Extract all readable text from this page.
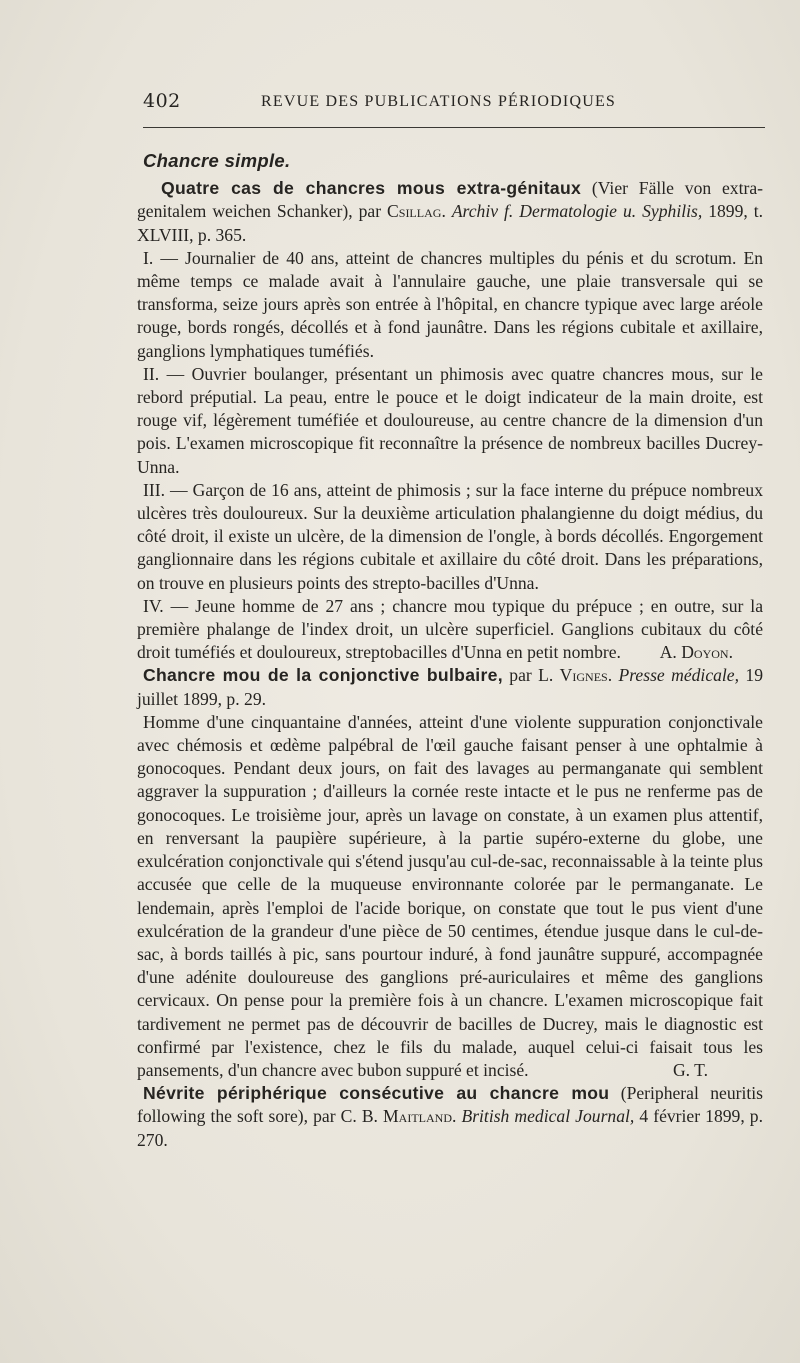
402	REVUE DES PUBLICATIONS PÉRIODIQUES

Chancre simple.

Quatre cas de chancres mous extra-génitaux (Vier Fälle von extra-genitalem weichen Schanker), par Csillag. Archiv f. Dermatologie u. Syphilis, 1899, t. XLVIII, p. 365.

I. — Journalier de 40 ans, atteint de chancres multiples du pénis et du scrotum. En même temps ce malade avait à l'annulaire gauche, une plaie transversale qui se transforma, seize jours après son entrée à l'hôpital, en chancre typique avec large aréole rouge, bords rongés, décollés et à fond jaunâtre. Dans les régions cubitale et axillaire, ganglions lymphatiques tuméfiés.

II. — Ouvrier boulanger, présentant un phimosis avec quatre chancres mous, sur le rebord préputial. La peau, entre le pouce et le doigt indicateur de la main droite, est rouge vif, légèrement tuméfiée et douloureuse, au centre chancre de la dimension d'un pois. L'examen microscopique fit reconnaître la présence de nombreux bacilles Ducrey-Unna.

III. — Garçon de 16 ans, atteint de phimosis ; sur la face interne du prépuce nombreux ulcères très douloureux. Sur la deuxième articulation phalangienne du doigt médius, du côté droit, il existe un ulcère, de la dimension de l'ongle, à bords décollés. Engorgement ganglionnaire dans les régions cubitale et axillaire du côté droit. Dans les préparations, on trouve en plusieurs points des strepto-bacilles d'Unna.

IV. — Jeune homme de 27 ans ; chancre mou typique du prépuce ; en outre, sur la première phalange de l'index droit, un ulcère superficiel. Ganglions cubitaux du côté droit tuméfiés et douloureux, streptobacilles d'Unna en petit nombre.	A. Doyon.

Chancre mou de la conjonctive bulbaire, par L. Vignes. Presse médicale, 19 juillet 1899, p. 29.

Homme d'une cinquantaine d'années, atteint d'une violente suppuration conjonctivale avec chémosis et œdème palpébral de l'œil gauche faisant penser à une ophtalmie à gonocoques. Pendant deux jours, on fait des lavages au permanganate qui semblent aggraver la suppuration ; d'ailleurs la cornée reste intacte et le pus ne renferme pas de gonocoques. Le troisième jour, après un lavage on constate, à un examen plus attentif, en renversant la paupière supérieure, à la partie supéro-externe du globe, une exulcération conjonctivale qui s'étend jusqu'au cul-de-sac, reconnaissable à la teinte plus accusée que celle de la muqueuse environnante colorée par le permanganate. Le lendemain, après l'emploi de l'acide borique, on constate que tout le pus vient d'une exulcération de la grandeur d'une pièce de 50 centimes, étendue jusque dans le cul-de-sac, à bords taillés à pic, sans pourtour induré, à fond jaunâtre suppuré, accompagnée d'une adénite douloureuse des ganglions pré-auriculaires et même des ganglions cervicaux. On pense pour la première fois à un chancre. L'examen microscopique fait tardivement ne permet pas de découvrir de bacilles de Ducrey, mais le diagnostic est confirmé par l'existence, chez le fils du malade, auquel celui-ci faisait tous les pansements, d'un chancre avec bubon suppuré et incisé.	G. T.

Névrite périphérique consécutive au chancre mou (Peripheral neuritis following the soft sore), par C. B. Maitland. British medical Journal, 4 février 1899, p. 270.
